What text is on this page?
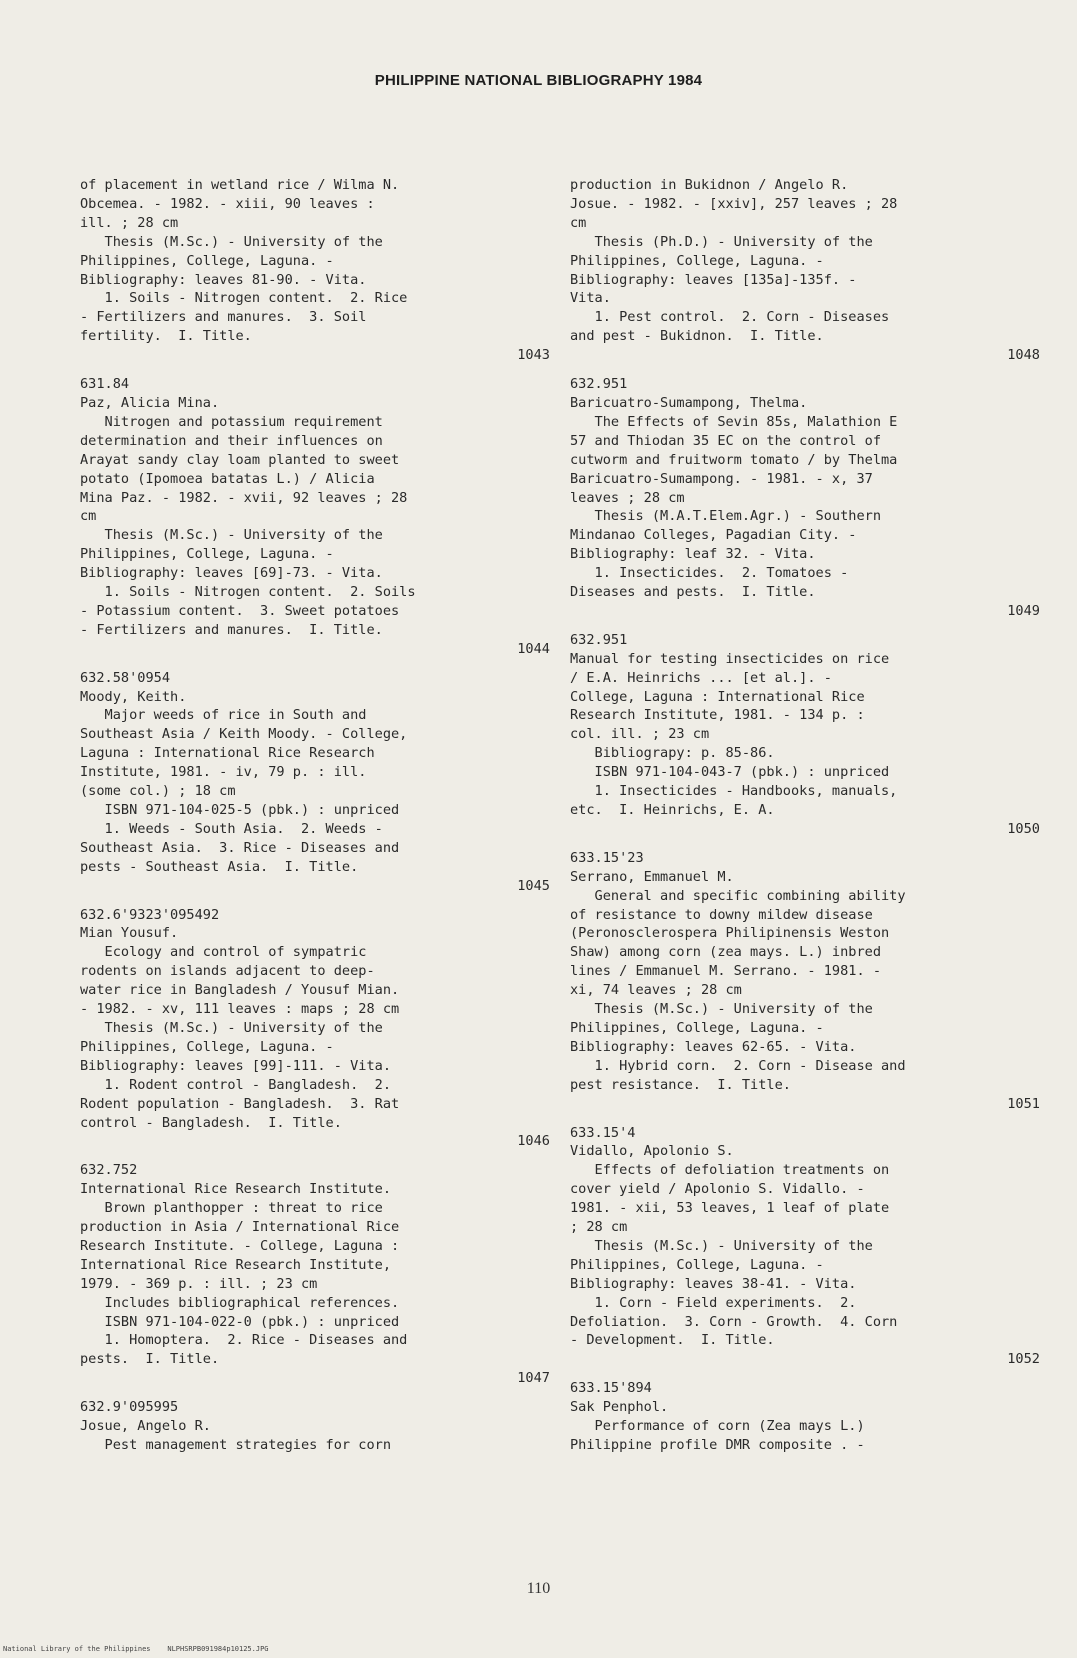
PHILIPPINE NATIONAL BIBLIOGRAPHY 1984
of placement in wetland rice / Wilma N.
Obcemea. - 1982. - xiii, 90 leaves :
ill. ; 28 cm
Thesis (M.Sc.) - University of the
Philippines, College, Laguna. -
Bibliography: leaves 81-90. - Vita.
1. Soils - Nitrogen content.  2. Rice
- Fertilizers and manures.  3. Soil
fertility.  I. Title.
1043
631.84
Paz, Alicia Mina.
Nitrogen and potassium requirement
determination and their influences on
Arayat sandy clay loam planted to sweet
potato (Ipomoea batatas L.) / Alicia
Mina Paz. - 1982. - xvii, 92 leaves ; 28
cm
Thesis (M.Sc.) - University of the
Philippines, College, Laguna. -
Bibliography: leaves [69]-73. - Vita.
1. Soils - Nitrogen content.  2. Soils
- Potassium content.  3. Sweet potatoes
- Fertilizers and manures.  I. Title.
1044
632.58'0954
Moody, Keith.
Major weeds of rice in South and
Southeast Asia / Keith Moody. - College,
Laguna : International Rice Research
Institute, 1981. - iv, 79 p. : ill.
(some col.) ; 18 cm
ISBN 971-104-025-5 (pbk.) : unpriced
1. Weeds - South Asia.  2. Weeds -
Southeast Asia.  3. Rice - Diseases and
pests - Southeast Asia.  I. Title.
1045
632.6'9323'095492
Mian Yousuf.
Ecology and control of sympatric
rodents on islands adjacent to deep-
water rice in Bangladesh / Yousuf Mian.
- 1982. - xv, 111 leaves : maps ; 28 cm
Thesis (M.Sc.) - University of the
Philippines, College, Laguna. -
Bibliography: leaves [99]-111. - Vita.
1. Rodent control - Bangladesh.  2.
Rodent population - Bangladesh.  3. Rat
control - Bangladesh.  I. Title.
1046
632.752
International Rice Research Institute.
Brown planthopper : threat to rice
production in Asia / International Rice
Research Institute. - College, Laguna :
International Rice Research Institute,
1979. - 369 p. : ill. ; 23 cm
Includes bibliographical references.
ISBN 971-104-022-0 (pbk.) : unpriced
1. Homoptera.  2. Rice - Diseases and
pests.  I. Title.
1047
632.9'095995
Josue, Angelo R.
Pest management strategies for corn
production in Bukidnon / Angelo R.
Josue. - 1982. - [xxiv], 257 leaves ; 28
cm
Thesis (Ph.D.) - University of the
Philippines, College, Laguna. -
Bibliography: leaves [135a]-135f. -
Vita.
1. Pest control.  2. Corn - Diseases
and pest - Bukidnon.  I. Title.
1048
632.951
Baricuatro-Sumampong, Thelma.
The Effects of Sevin 85s, Malathion E
57 and Thiodan 35 EC on the control of
cutworm and fruitworm tomato / by Thelma
Baricuatro-Sumampong. - 1981. - x, 37
leaves ; 28 cm
Thesis (M.A.T.Elem.Agr.) - Southern
Mindanao Colleges, Pagadian City. -
Bibliography: leaf 32. - Vita.
1. Insecticides.  2. Tomatoes -
Diseases and pests.  I. Title.
1049
632.951
Manual for testing insecticides on rice
/ E.A. Heinrichs ... [et al.]. -
College, Laguna : International Rice
Research Institute, 1981. - 134 p. :
col. ill. ; 23 cm
Bibliograpy: p. 85-86.
ISBN 971-104-043-7 (pbk.) : unpriced
1. Insecticides - Handbooks, manuals,
etc.  I. Heinrichs, E. A.
1050
633.15'23
Serrano, Emmanuel M.
General and specific combining ability
of resistance to downy mildew disease
(Peronosclerospera Philipinensis Weston
Shaw) among corn (zea mays. L.) inbred
lines / Emmanuel M. Serrano. - 1981. -
xi, 74 leaves ; 28 cm
Thesis (M.Sc.) - University of the
Philippines, College, Laguna. -
Bibliography: leaves 62-65. - Vita.
1. Hybrid corn.  2. Corn - Disease and
pest resistance.  I. Title.
1051
633.15'4
Vidallo, Apolonio S.
Effects of defoliation treatments on
cover yield / Apolonio S. Vidallo. -
1981. - xii, 53 leaves, 1 leaf of plate
; 28 cm
Thesis (M.Sc.) - University of the
Philippines, College, Laguna. -
Bibliography: leaves 38-41. - Vita.
1. Corn - Field experiments.  2.
Defoliation.  3. Corn - Growth.  4. Corn
- Development.  I. Title.
1052
633.15'894
Sak Penphol.
Performance of corn (Zea mays L.)
Philippine profile DMR composite . -
110
National Library of the Philippines    NLPHSRPB091984p10125.JPG
